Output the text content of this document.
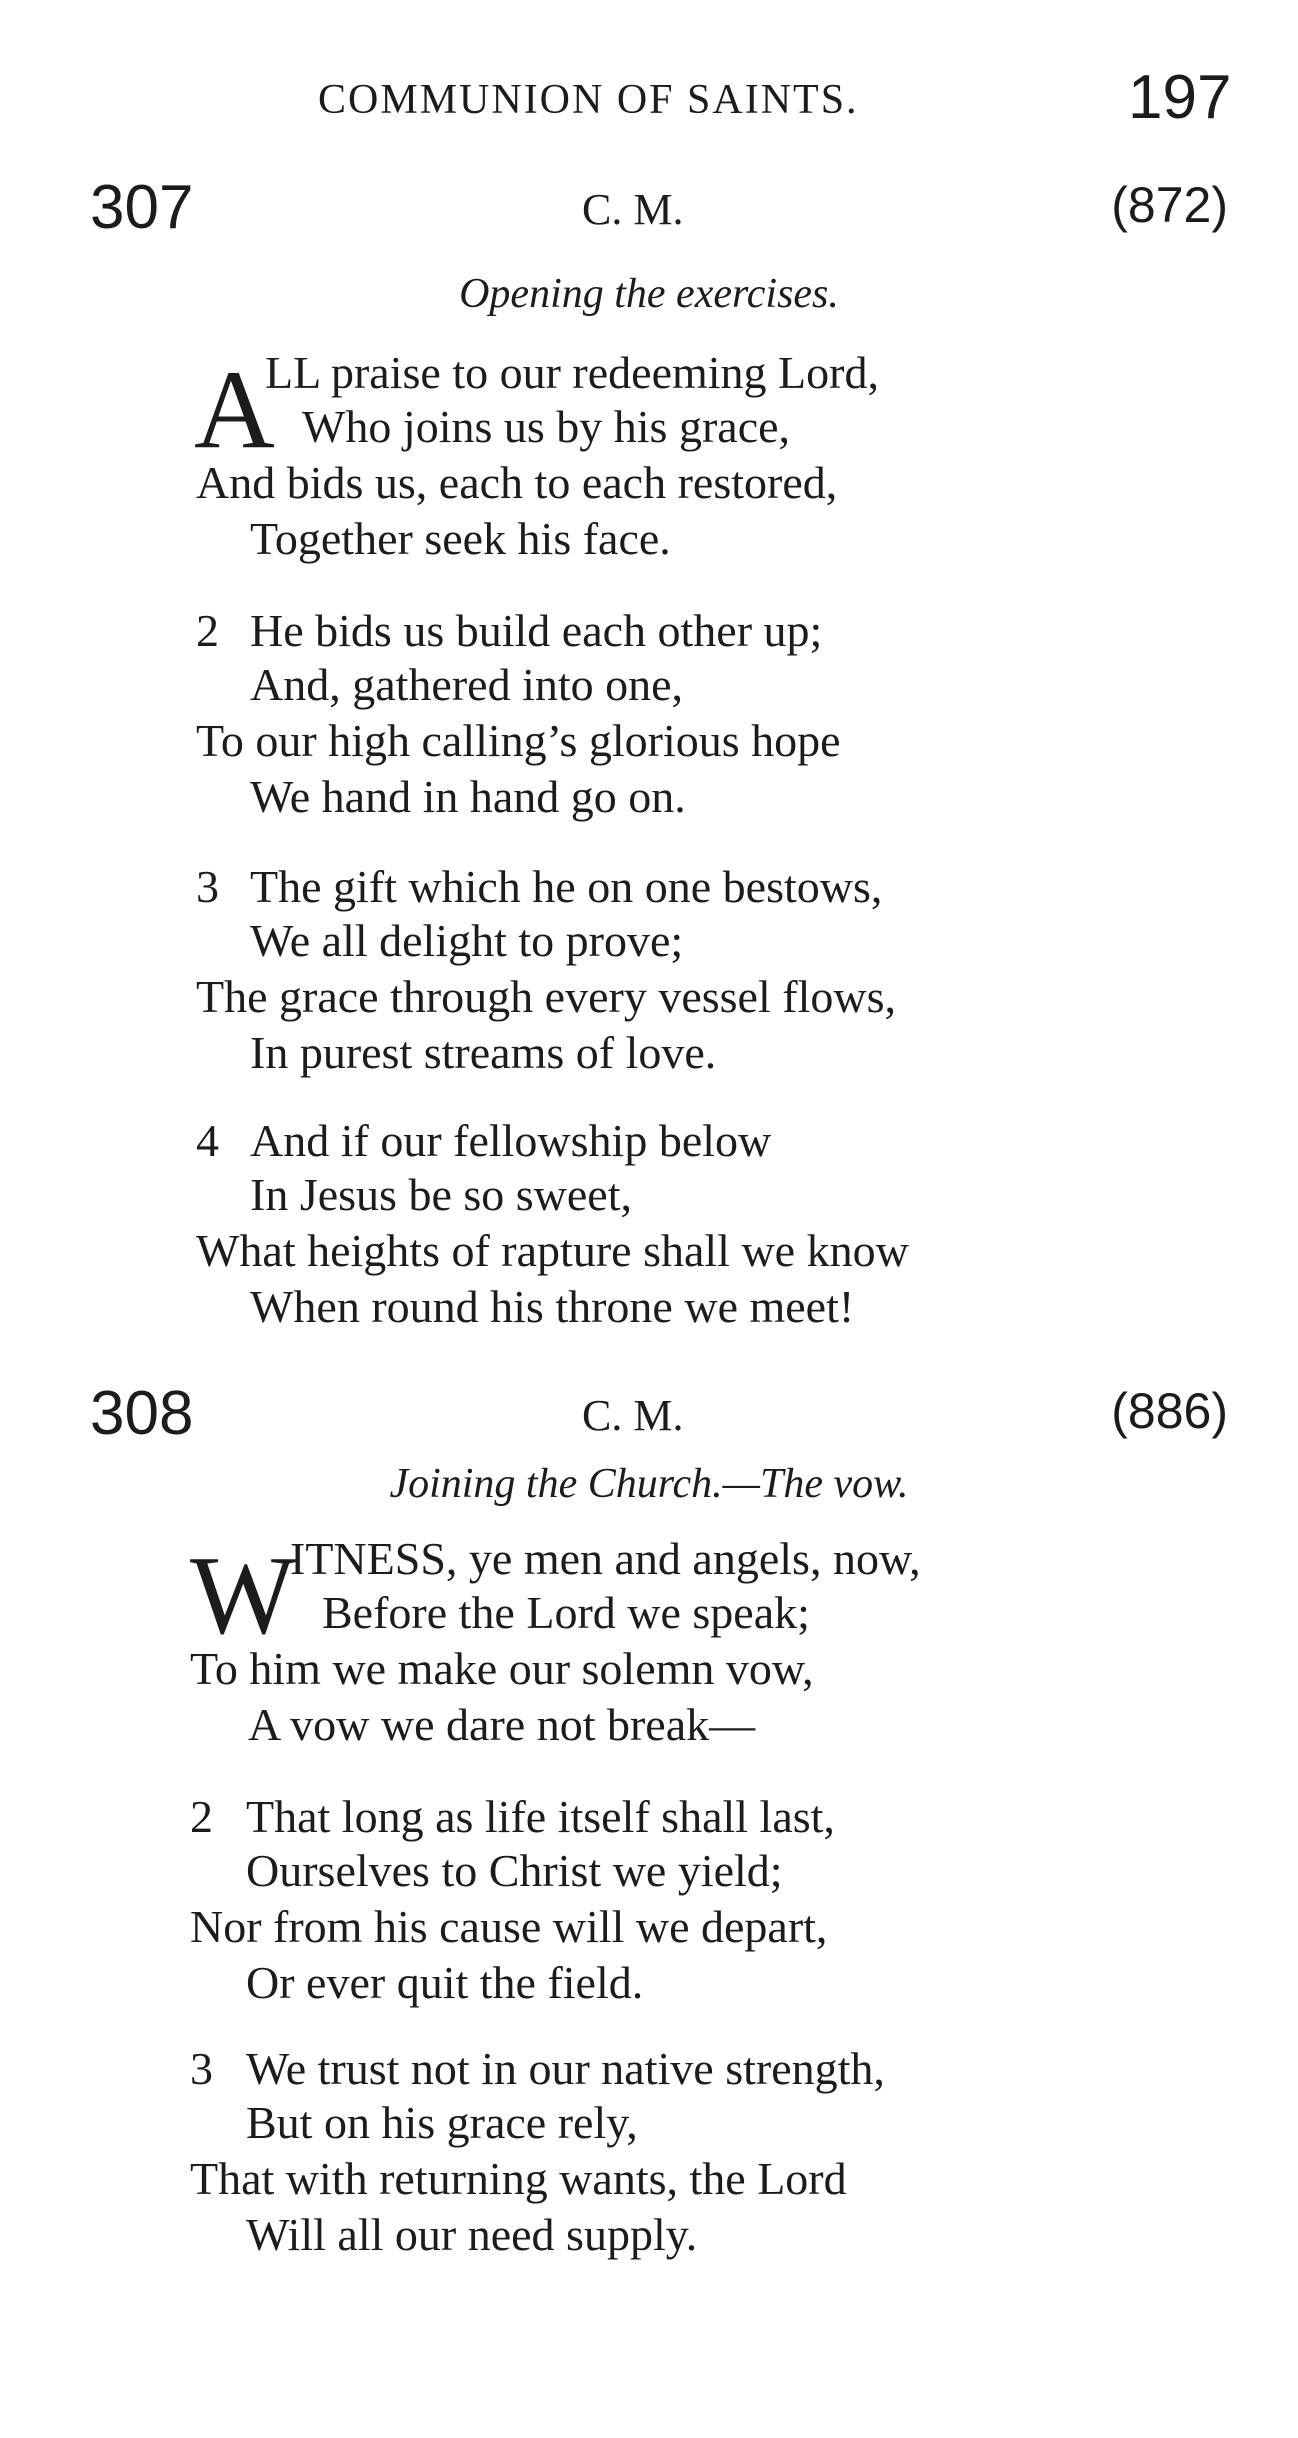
COMMUNION OF SAINTS.	197
307	C. M.	(872)
Opening the exercises.
A
LL praise to our redeeming Lord,
Who joins us by his grace,
And bids us, each to each restored,
Together seek his face.
2 He bids us build each other up;
And, gathered into one,
To our high calling’s glorious hope
We hand in hand go on.
3 The gift which he on one bestows,
We all delight to prove;
The grace through every vessel flows,
In purest streams of love.
4 And if our fellowship below
In Jesus be so sweet,
What heights of rapture shall we know
When round his throne we meet!
308	C. M.	(886)
Joining the Church.—The vow.
W
ITNESS, ye men and angels, now,
Before the Lord we speak;
To him we make our solemn vow,
A vow we dare not break—
2 That long as life itself shall last,
Ourselves to Christ we yield;
Nor from his cause will we depart,
Or ever quit the field.
3 We trust not in our native strength,
But on his grace rely,
That with returning wants, the Lord
Will all our need supply.
